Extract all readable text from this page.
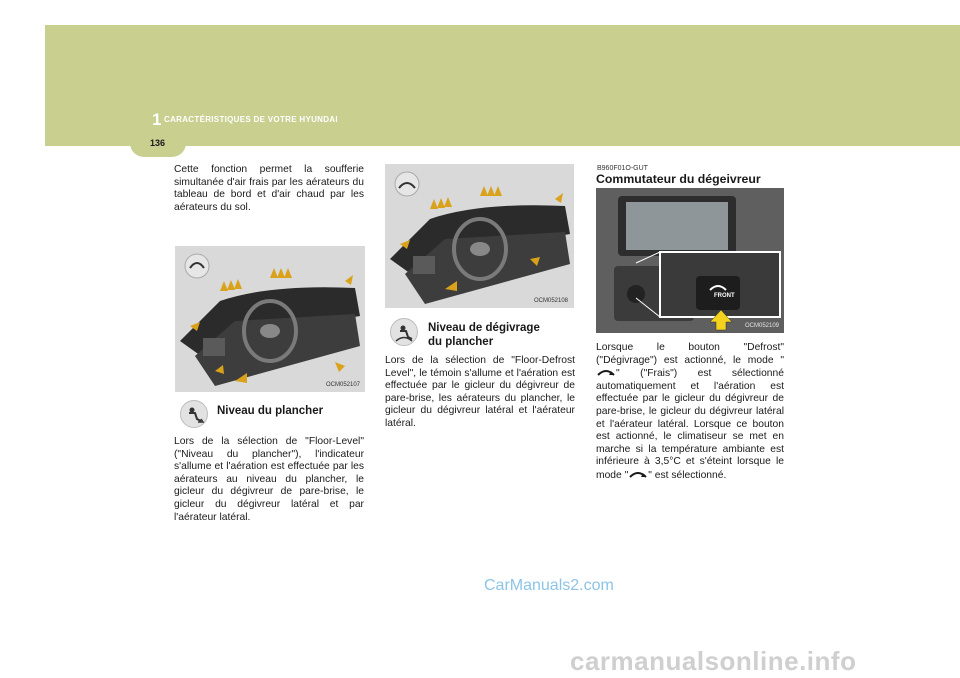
1 CARACTÉRISTIQUES DE VOTRE HYUNDAI
136

Cette fonction permet la soufferie simultanée d'air frais par les aérateurs du tableau de bord et d'air chaud par les aérateurs du sol.

OCM052107
Niveau du plancher

Lors de la sélection de "Floor-Level" ("Niveau du plancher"), l'indicateur s'allume et l'aération est effectuée par les aérateurs au niveau du plancher, le gicleur du dégivreur de pare-brise, le gicleur du dégivreur latéral et par l'aérateur latéral.

OCM052108
Niveau de dégivrage
du plancher

Lors de la sélection de "Floor-Defrost Level", le témoin s'allume et l'aération est effectuée par le gicleur du dégivreur de pare-brise, les aérateurs du plancher, le gicleur du dégivreur latéral et l'aérateur latéral.

B960F01O-GUT
Commutateur du dégeivreur
FRONT
OCM052109

Lorsque le bouton "Defrost" ("Dégivrage") est actionné, le mode "" ("Frais") est sélectionné automatiquement et l'aération est effectuée par le gicleur du dégivreur de pare-brise, le gicleur du dégivreur latéral et l'aérateur latéral. Lorsque ce bouton est actionné, le climatiseur se met en marche si la température ambiante est inférieure à 3,5°C et s'éteint lorsque le mode " " est sélectionné.

CarManuals2.com
carmanualsonline.info
